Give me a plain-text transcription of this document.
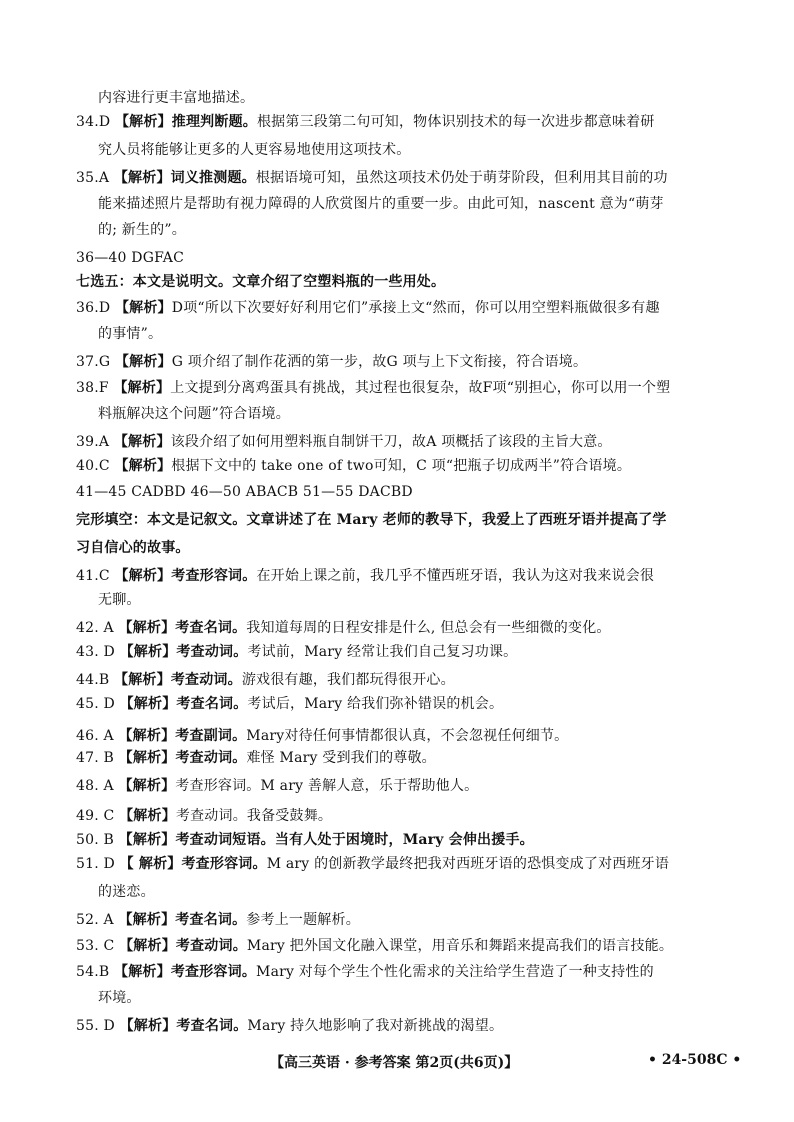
内容进行更丰富地描述。
34.D 【解析】推理判断题。根据第三段第二句可知，物体识别技术的每一次进步都意味着研
究人员将能够让更多的人更容易地使用这项技术。
35.A 【解析】词义推测题。根据语境可知，虽然这项技术仍处于萌芽阶段，但利用其目前的功
能来描述照片是帮助有视力障碍的人欣赏图片的重要一步。由此可知，nascent 意为“萌芽
的; 新生的”。
36—40 DGFAC
七选五：本文是说明文。文章介绍了空塑料瓶的一些用处。
36.D 【解析】D项“所以下次要好好利用它们”承接上文“然而，你可以用空塑料瓶做很多有趣
的事情”。
37.G 【解析】G 项介绍了制作花洒的第一步，故G 项与上下文衔接，符合语境。
38.F 【解析】上文提到分离鸡蛋具有挑战，其过程也很复杂，故F项“别担心，你可以用一个塑
料瓶解决这个问题”符合语境。
39.A 【解析】该段介绍了如何用塑料瓶自制饼干刀，故A 项概括了该段的主旨大意。
40.C 【解析】根据下文中的 take one of two可知，C 项“把瓶子切成两半”符合语境。
41—45 CADBD 46—50 ABACB 51—55 DACBD
完形填空：本文是记叙文。文章讲述了在 Mary 老师的教导下，我爱上了西班牙语并提高了学
习自信心的故事。
41.C 【解析】考查形容词。在开始上课之前，我几乎不懂西班牙语，我认为这对我来说会很
无聊。
42. A 【解析】考查名词。我知道每周的日程安排是什么, 但总会有一些细微的变化。
43. D 【解析】考查动词。考试前，Mary 经常让我们自己复习功课。
44.B 【解析】考查动词。游戏很有趣，我们都玩得很开心。
45. D 【解析】考查名词。考试后，Mary 给我们弥补错误的机会。
46. A 【解析】考查副词。Mary对待任何事情都很认真，不会忽视任何细节。
47. B 【解析】考查动词。难怪 Mary 受到我们的尊敬。
48. A 【解析】考查形容词。M ary 善解人意，乐于帮助他人。
49. C 【解析】考查动词。我备受鼓舞。
50. B 【解析】考查动词短语。当有人处于困境时，Mary 会伸出援手。
51. D 【 解析】考查形容词。M ary 的创新教学最终把我对西班牙语的恐惧变成了对西班牙语
的迷恋。
52. A 【解析】考查名词。参考上一题解析。
53. C 【解析】考查动词。Mary 把外国文化融入课堂，用音乐和舞蹈来提高我们的语言技能。
54.B 【解析】考查形容词。Mary 对每个学生个性化需求的关注给学生营造了一种支持性的
环境。
55. D 【解析】考查名词。Mary 持久地影响了我对新挑战的渴望。
【高三英语 · 参考答案 第2页(共6页)】	• 24-508C •
